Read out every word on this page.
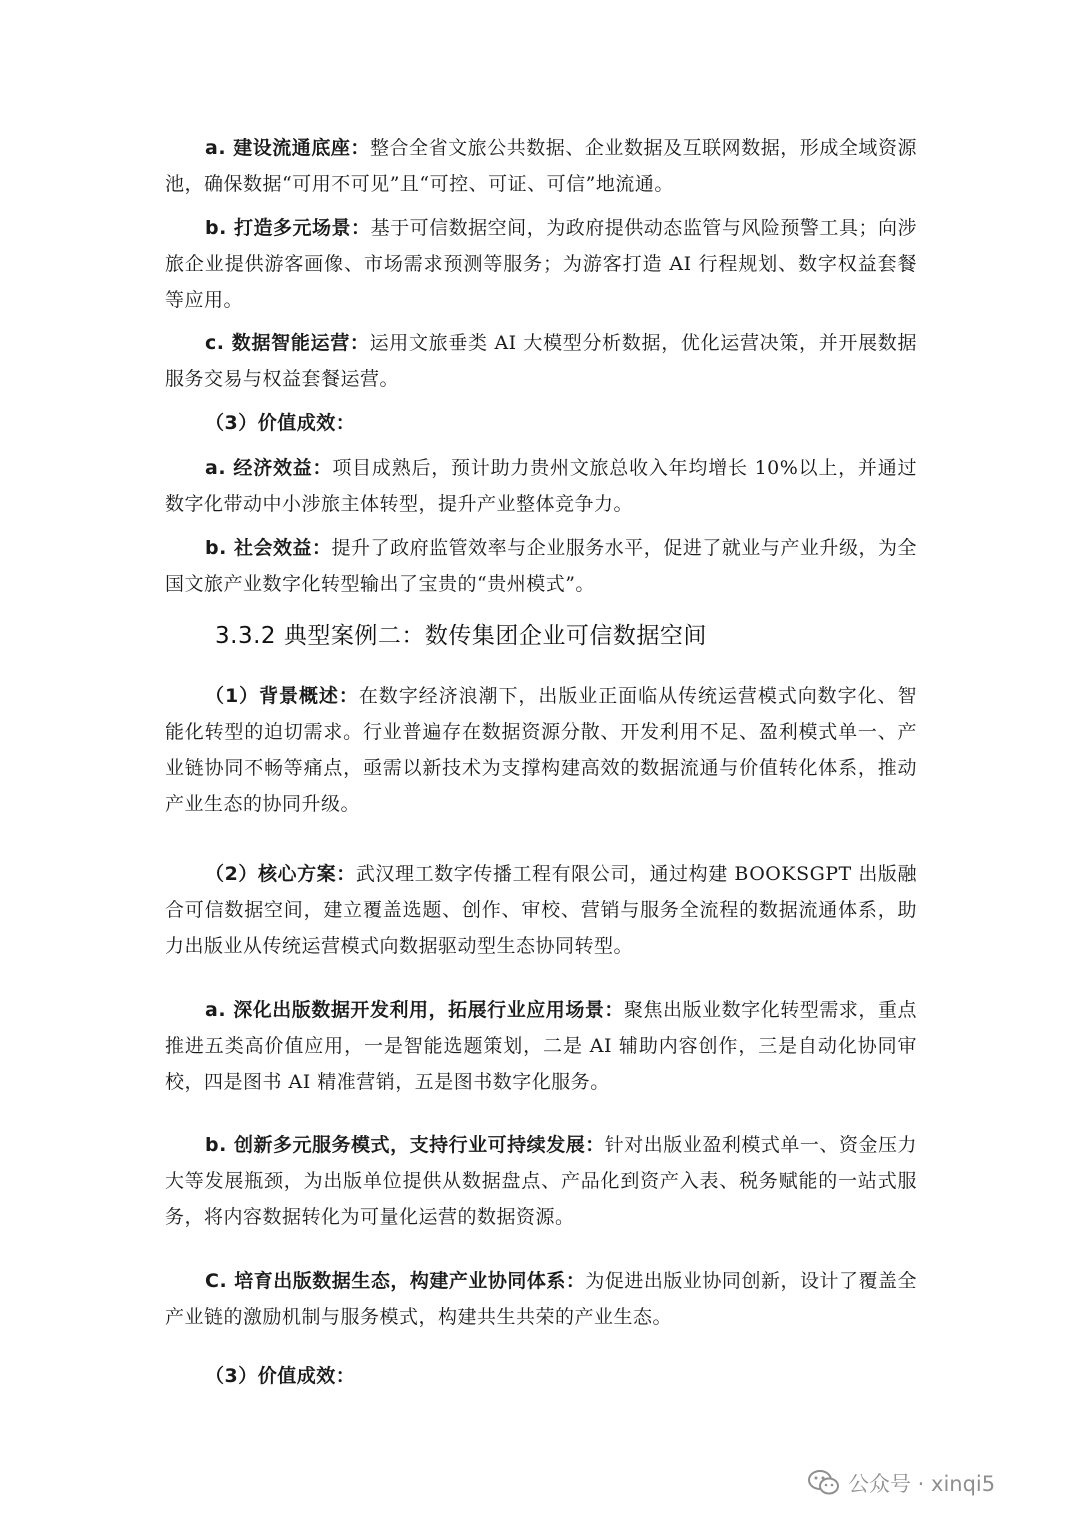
a. 建设流通底座：整合全省文旅公共数据、企业数据及互联网数据，形成全域资源池，确保数据“可用不可见”且“可控、可证、可信”地流通。

b. 打造多元场景：基于可信数据空间，为政府提供动态监管与风险预警工具；向涉旅企业提供游客画像、市场需求预测等服务；为游客打造 AI 行程规划、数字权益套餐等应用。

c. 数据智能运营：运用文旅垂类 AI 大模型分析数据，优化运营决策，并开展数据服务交易与权益套餐运营。

（3）价值成效：

a. 经济效益：项目成熟后，预计助力贵州文旅总收入年均增长 10%以上，并通过数字化带动中小涉旅主体转型，提升产业整体竞争力。

b. 社会效益：提升了政府监管效率与企业服务水平，促进了就业与产业升级，为全国文旅产业数字化转型输出了宝贵的“贵州模式”。

3.3.2 典型案例二：数传集团企业可信数据空间

（1）背景概述：在数字经济浪潮下，出版业正面临从传统运营模式向数字化、智能化转型的迫切需求。行业普遍存在数据资源分散、开发利用不足、盈利模式单一、产业链协同不畅等痛点，亟需以新技术为支撑构建高效的数据流通与价值转化体系，推动产业生态的协同升级。

（2）核心方案：武汉理工数字传播工程有限公司，通过构建 BOOKSGPT 出版融合可信数据空间，建立覆盖选题、创作、审校、营销与服务全流程的数据流通体系，助力出版业从传统运营模式向数据驱动型生态协同转型。

a. 深化出版数据开发利用，拓展行业应用场景：聚焦出版业数字化转型需求，重点推进五类高价值应用，一是智能选题策划，二是 AI 辅助内容创作，三是自动化协同审校，四是图书 AI 精准营销，五是图书数字化服务。

b. 创新多元服务模式，支持行业可持续发展：针对出版业盈利模式单一、资金压力大等发展瓶颈，为出版单位提供从数据盘点、产品化到资产入表、税务赋能的一站式服务，将内容数据转化为可量化运营的数据资源。

C. 培育出版数据生态，构建产业协同体系：为促进出版业协同创新，设计了覆盖全产业链的激励机制与服务模式，构建共生共荣的产业生态。

（3）价值成效：

公众号 · xinqi5
